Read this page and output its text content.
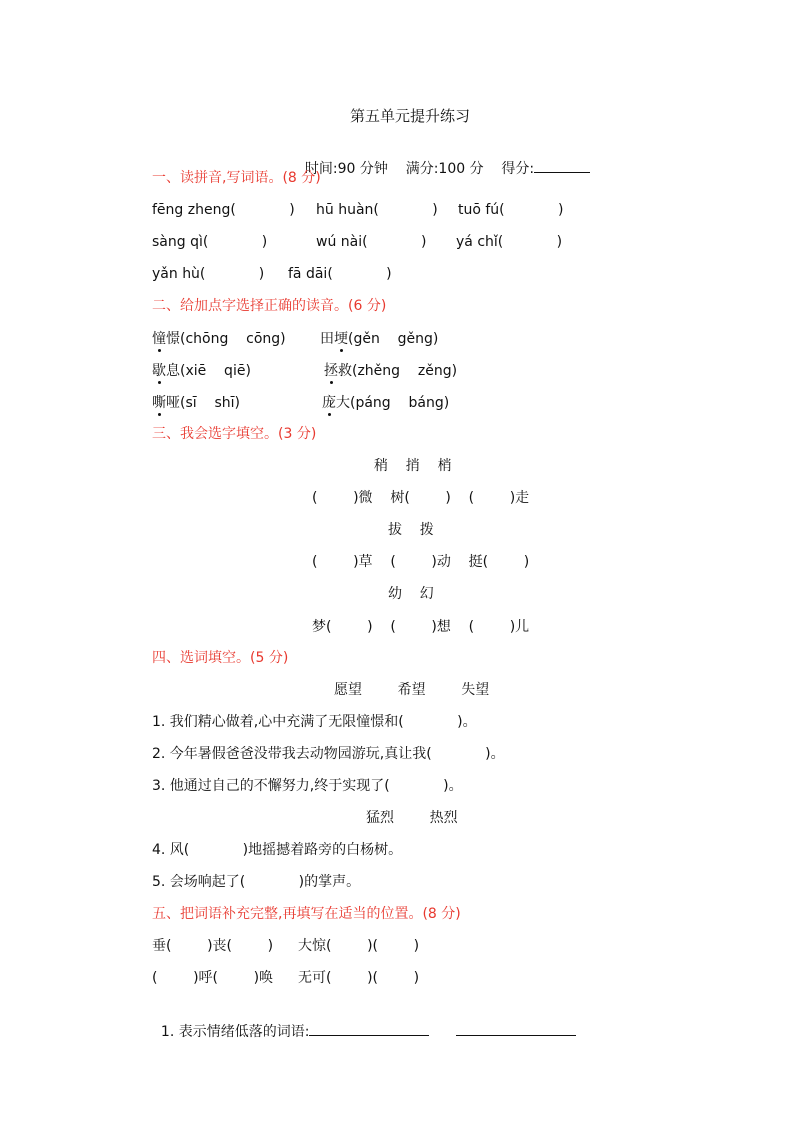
第五单元提升练习

时间:90 分钟 满分:100 分 得分:

一、读拼音,写词语。(8 分)
fēng zheng(            ) hū huàn(            ) tuō fú(            )
sàng qì(            )	wú nài(            ) yá chǐ(            )
yǎn hù(            ) fā dāi(            )
二、给加点字选择正确的读音。(6 分)
憧憬(chōng    cōng) 田埂(gěn    gěng)
歇息(xiē    qiē)	拯救(zhěng    zěng)
嘶哑(sī    shī)	庞大(páng    báng)
三、我会选字填空。(3 分)
稍    捎    梢
(        )微    树(        )    (        )走
拔    拨
(        )草    (        )动    挺(        )
幼    幻
梦(        )    (        )想    (        )儿
四、选词填空。(5 分)
愿望        希望        失望
1. 我们精心做着,心中充满了无限憧憬和(            )。
2. 今年暑假爸爸没带我去动物园游玩,真让我(            )。
3. 他通过自己的不懈努力,终于实现了(            )。
猛烈        热烈
4. 风(            )地摇撼着路旁的白杨树。
5. 会场响起了(            )的掌声。
五、把词语补充完整,再填写在适当的位置。(8 分)
垂(        )丧(        ) 大惊(        )(        )
(        )呼(        )唤 无可(        )(        )

1. 表示情绪低落的词语:
